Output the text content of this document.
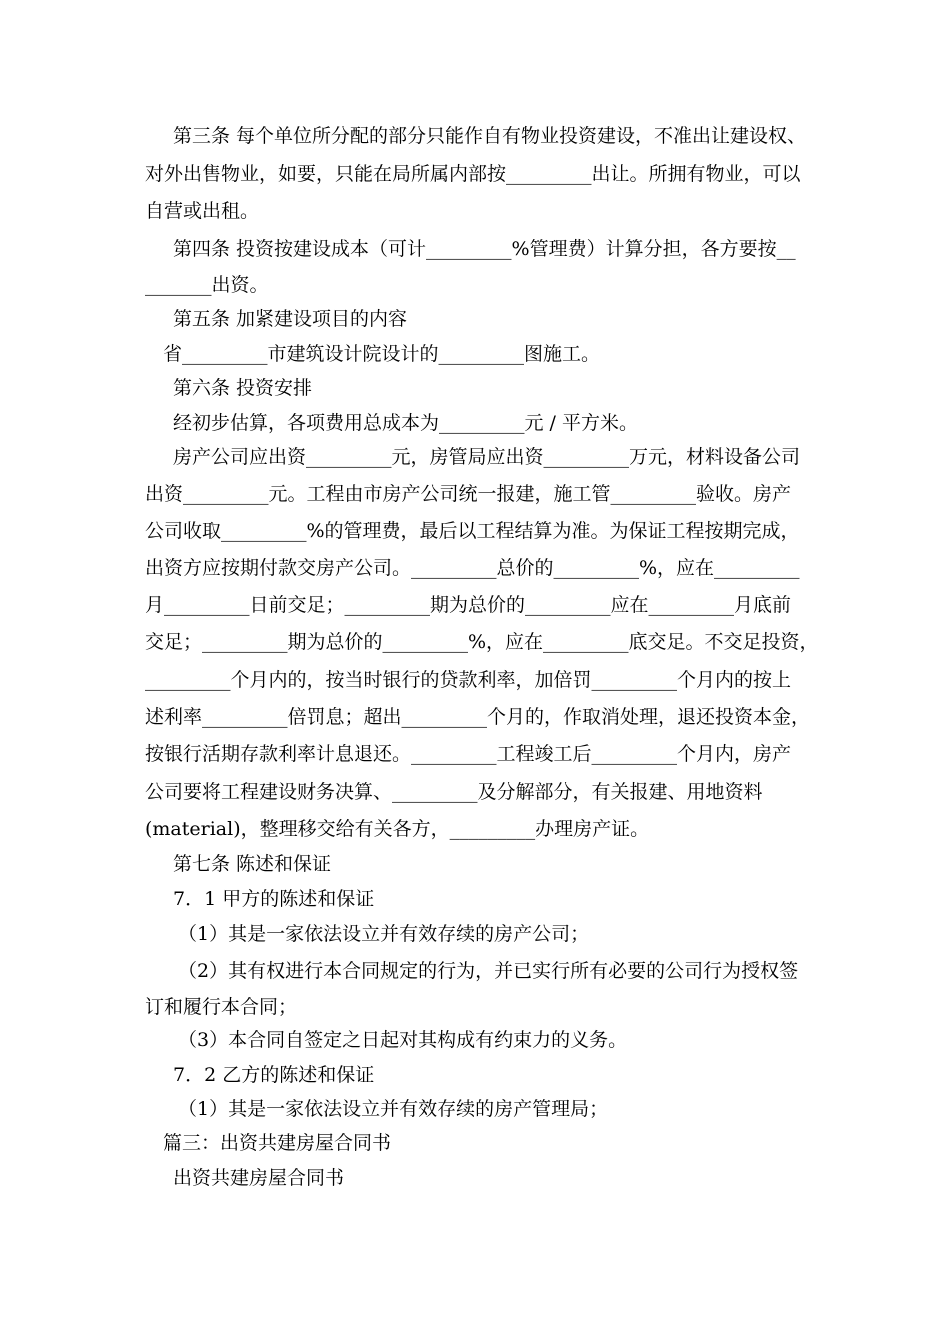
第三条 每个单位所分配的部分只能作自有物业投资建设，不准出让建设权、
对外出售物业，如要，只能在局所属内部按_________出让。所拥有物业，可以
自营或出租。
第四条 投资按建设成本（可计_________%管理费）计算分担，各方要按__
_______出资。
第五条 加紧建设项目的内容
省_________市建筑设计院设计的_________图施工。
第六条 投资安排
经初步估算，各项费用总成本为_________元 / 平方米。
房产公司应出资_________元，房管局应出资_________万元，材料设备公司
出资_________元。工程由市房产公司统一报建，施工管_________验收。房产
公司收取_________%的管理费，最后以工程结算为准。为保证工程按期完成，
出资方应按期付款交房产公司。_________总价的_________%，应在_________
月_________日前交足；_________期为总价的_________应在_________月底前
交足；_________期为总价的_________%，应在_________底交足。不交足投资，
_________个月内的，按当时银行的贷款利率，加倍罚_________个月内的按上
述利率_________倍罚息；超出_________个月的，作取消处理，退还投资本金，
按银行活期存款利率计息退还。_________工程竣工后_________个月内，房产
公司要将工程建设财务决算、_________及分解部分，有关报建、用地资料
(material)，整理移交给有关各方，_________办理房产证。
第七条 陈述和保证
7．1 甲方的陈述和保证
（1）其是一家依法设立并有效存续的房产公司；
（2）其有权进行本合同规定的行为，并已实行所有必要的公司行为授权签
订和履行本合同；
（3）本合同自签定之日起对其构成有约束力的义务。
7．2 乙方的陈述和保证
（1）其是一家依法设立并有效存续的房产管理局；
篇三：出资共建房屋合同书
出资共建房屋合同书
